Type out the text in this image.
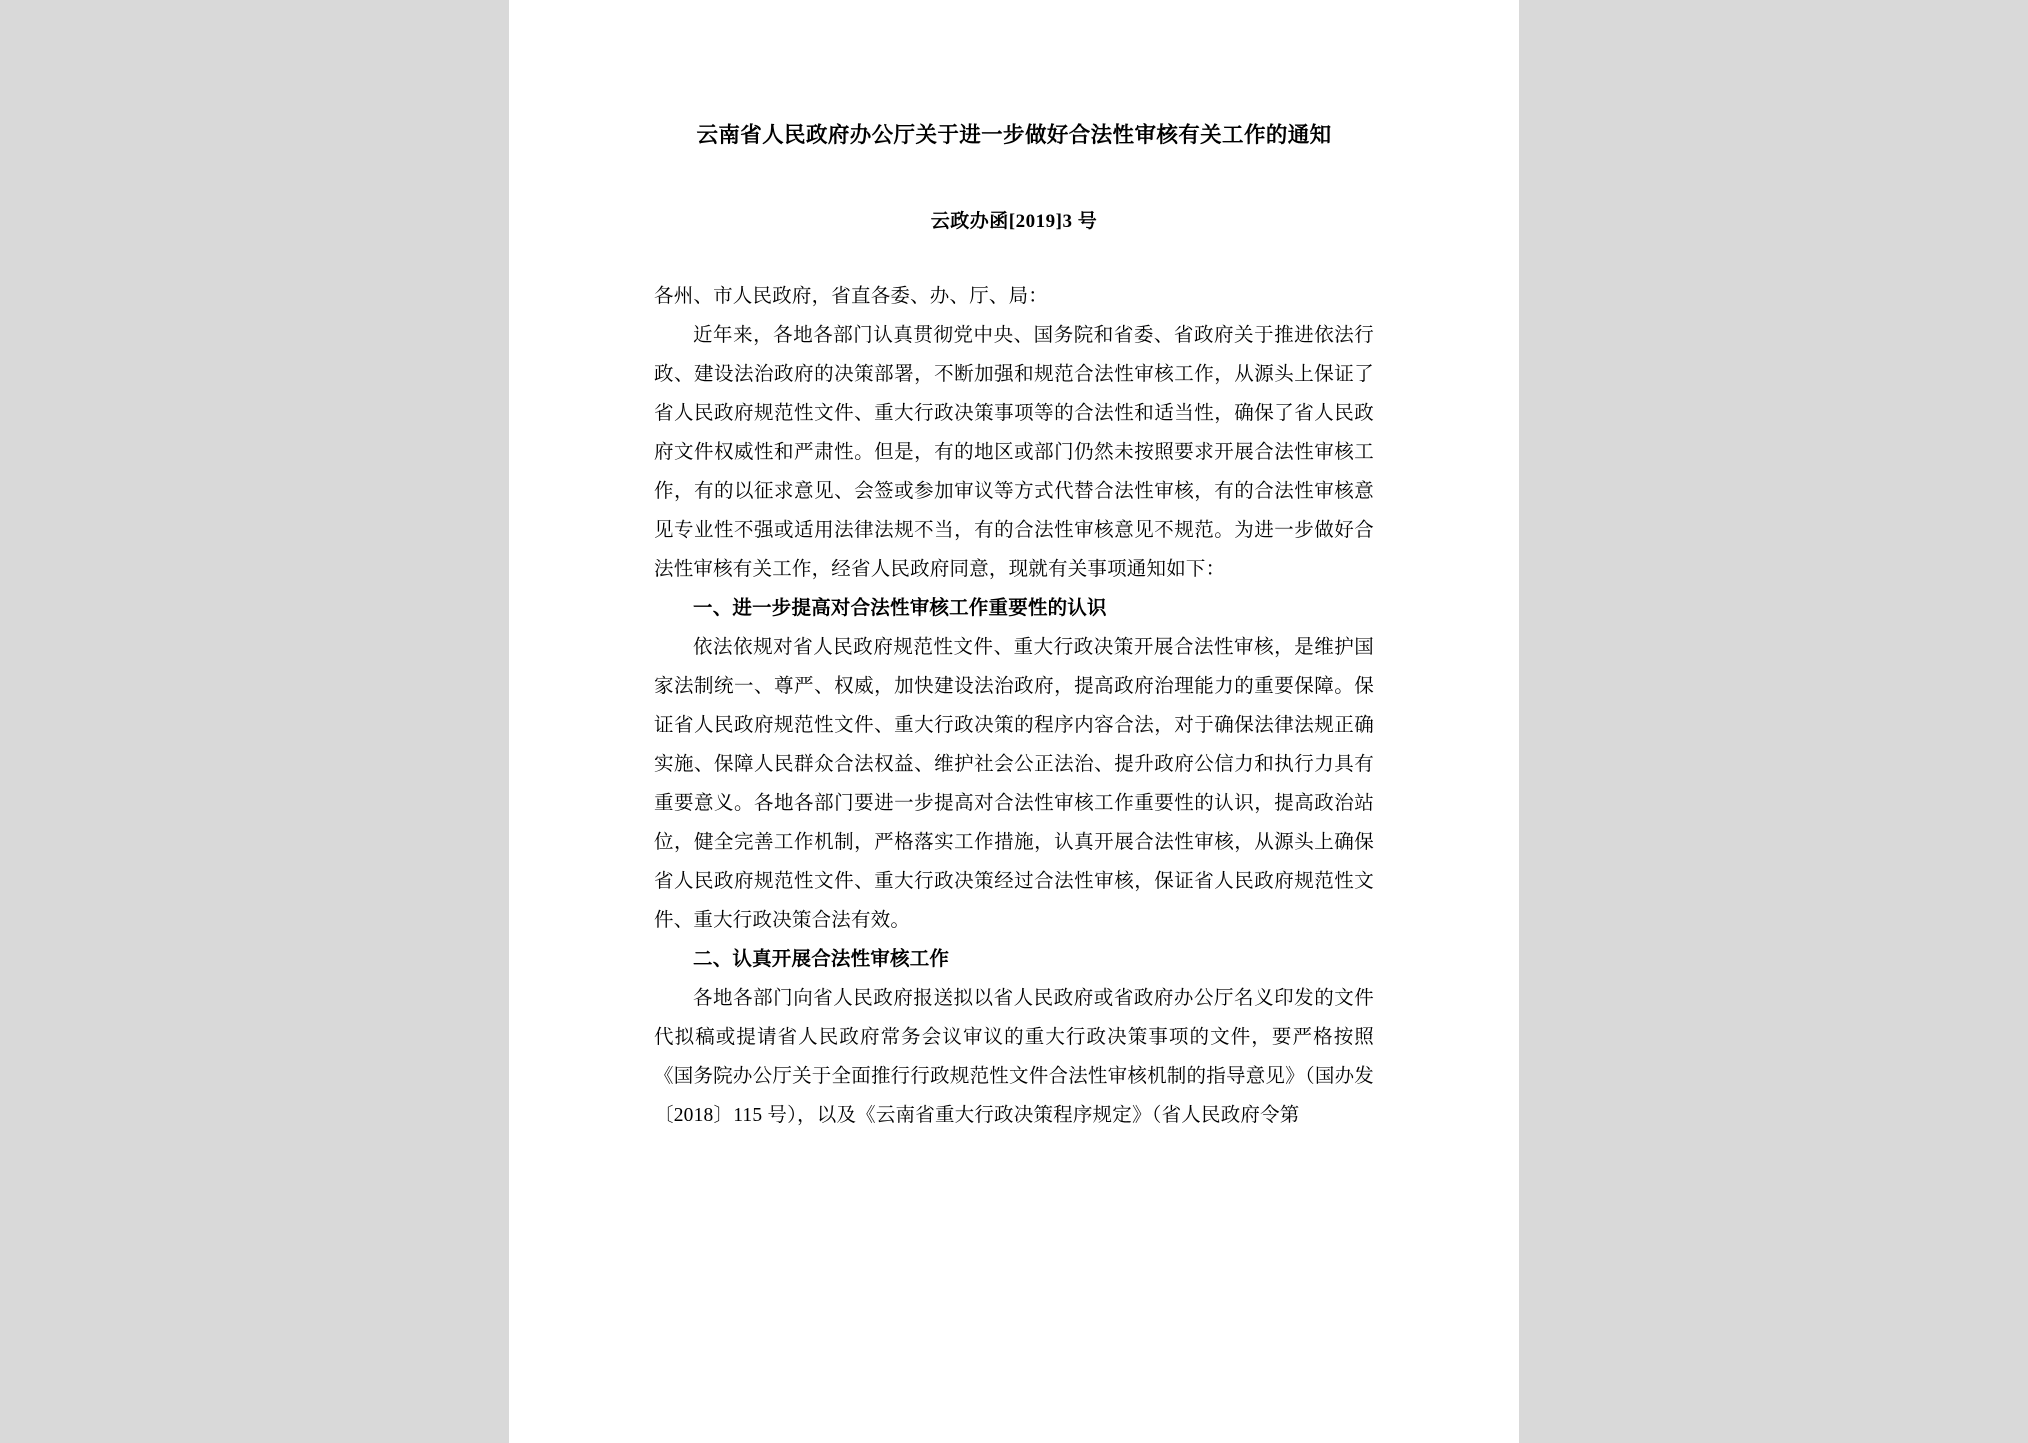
云南省人民政府办公厅关于进一步做好合法性审核有关工作的通知
云政办函[2019]3 号

各州、市人民政府，省直各委、办、厅、局：

近年来，各地各部门认真贯彻党中央、国务院和省委、省政府关于推进依法行政、建设法治政府的决策部署，不断加强和规范合法性审核工作，从源头上保证了省人民政府规范性文件、重大行政决策事项等的合法性和适当性，确保了省人民政府文件权威性和严肃性。但是，有的地区或部门仍然未按照要求开展合法性审核工作，有的以征求意见、会签或参加审议等方式代替合法性审核，有的合法性审核意见专业性不强或适用法律法规不当，有的合法性审核意见不规范。为进一步做好合法性审核有关工作，经省人民政府同意，现就有关事项通知如下：

一、进一步提高对合法性审核工作重要性的认识

依法依规对省人民政府规范性文件、重大行政决策开展合法性审核，是维护国家法制统一、尊严、权威，加快建设法治政府，提高政府治理能力的重要保障。保证省人民政府规范性文件、重大行政决策的程序内容合法，对于确保法律法规正确实施、保障人民群众合法权益、维护社会公正法治、提升政府公信力和执行力具有重要意义。各地各部门要进一步提高对合法性审核工作重要性的认识，提高政治站位，健全完善工作机制，严格落实工作措施，认真开展合法性审核，从源头上确保省人民政府规范性文件、重大行政决策经过合法性审核，保证省人民政府规范性文件、重大行政决策合法有效。

二、认真开展合法性审核工作

各地各部门向省人民政府报送拟以省人民政府或省政府办公厅名义印发的文件代拟稿或提请省人民政府常务会议审议的重大行政决策事项的文件，要严格按照《国务院办公厅关于全面推行行政规范性文件合法性审核机制的指导意见》（国办发〔2018〕115 号），以及《云南省重大行政决策程序规定》（省人民政府令第
